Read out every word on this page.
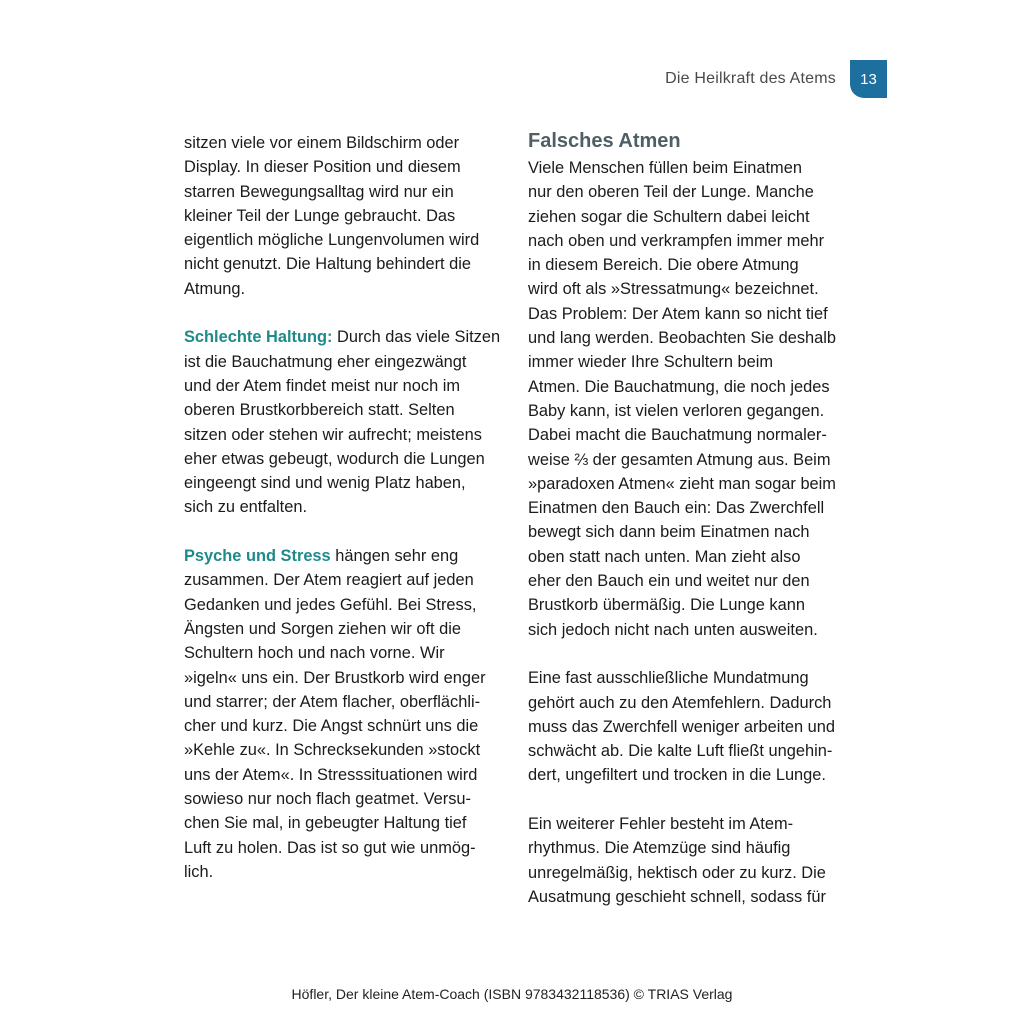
Die Heilkraft des Atems	13

sitzen viele vor einem Bildschirm oder
Display. In dieser Position und diesem
starren Bewegungsalltag wird nur ein
kleiner Teil der Lunge gebraucht. Das
eigentlich mögliche Lungenvolumen wird
nicht genutzt. Die Haltung behindert die
Atmung.

Schlechte Haltung: Durch das viele Sitzen
ist die Bauchatmung eher eingezwängt
und der Atem findet meist nur noch im
oberen Brustkorbbereich statt. Selten
sitzen oder stehen wir aufrecht; meistens
eher etwas gebeugt, wodurch die Lungen
eingeengt sind und wenig Platz haben,
sich zu entfalten.

Psyche und Stress hängen sehr eng
zusammen. Der Atem reagiert auf jeden
Gedanken und jedes Gefühl. Bei Stress,
Ängsten und Sorgen ziehen wir oft die
Schultern hoch und nach vorne. Wir
»igeln« uns ein. Der Brustkorb wird enger
und starrer; der Atem flacher, oberflächli-
cher und kurz. Die Angst schnürt uns die
»Kehle zu«. In Schrecksekunden »stockt
uns der Atem«. In Stresssituationen wird
sowieso nur noch flach geatmet. Versu-
chen Sie mal, in gebeugter Haltung tief
Luft zu holen. Das ist so gut wie unmög-
lich.

Falsches Atmen

Viele Menschen füllen beim Einatmen
nur den oberen Teil der Lunge. Manche
ziehen sogar die Schultern dabei leicht
nach oben und verkrampfen immer mehr
in diesem Bereich. Die obere Atmung
wird oft als »Stressatmung« bezeichnet.
Das Problem: Der Atem kann so nicht tief
und lang werden. Beobachten Sie deshalb
immer wieder Ihre Schultern beim
Atmen. Die Bauchatmung, die noch jedes
Baby kann, ist vielen verloren gegangen.
Dabei macht die Bauchatmung normaler-
weise ⅔ der gesamten Atmung aus. Beim
»paradoxen Atmen« zieht man sogar beim
Einatmen den Bauch ein: Das Zwerchfell
bewegt sich dann beim Einatmen nach
oben statt nach unten. Man zieht also
eher den Bauch ein und weitet nur den
Brustkorb übermäßig. Die Lunge kann
sich jedoch nicht nach unten ausweiten.

Eine fast ausschließliche Mundatmung
gehört auch zu den Atemfehlern. Dadurch
muss das Zwerchfell weniger arbeiten und
schwächt ab. Die kalte Luft fließt ungehin-
dert, ungefiltert und trocken in die Lunge.

Ein weiterer Fehler besteht im Atem-
rhythmus. Die Atemzüge sind häufig
unregelmäßig, hektisch oder zu kurz. Die
Ausatmung geschieht schnell, sodass für

Höfler, Der kleine Atem-Coach (ISBN 9783432118536) © TRIAS Verlag
